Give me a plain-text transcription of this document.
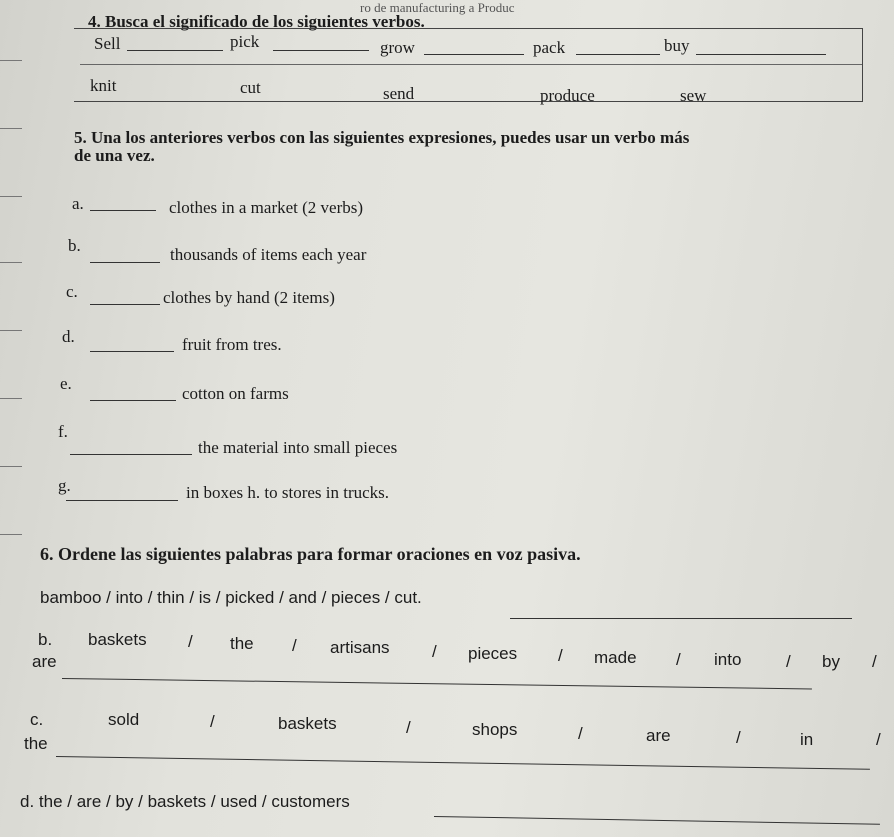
ro de manufacturing a Produc
4. Busca el significado de los siguientes verbos.
Sell	pick	grow	pack	buy
knit	cut	send	produce	sew
5. Una los anteriores verbos con las siguientes expresiones, puedes usar un verbo más
de una vez.
a.	clothes in a market (2 verbs)
b.	thousands of items each year
c.	clothes by hand (2 items)
d.	fruit from tres.
e.
cotton on farms
f.
the material into small pieces
g.	in boxes h. to stores in trucks.
6. Ordene las siguientes palabras para formar oraciones en voz pasiva.
bamboo / into / thin / is / picked / and / pieces / cut.
b. baskets / the / artisans / pieces / made / into	/ by /
are
c.	sold	/	baskets	/	shops	/	are	/	in	/
the
d. the / are / by / baskets / used / customers
